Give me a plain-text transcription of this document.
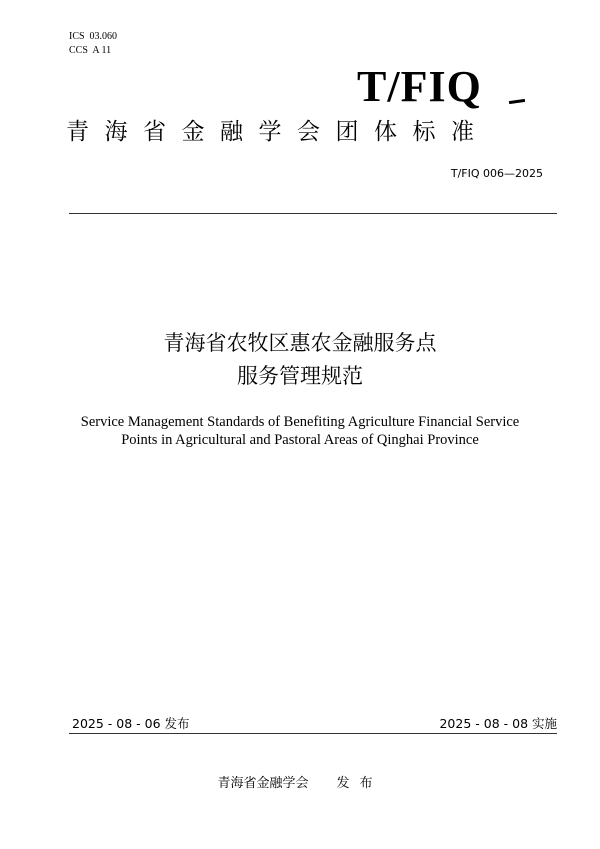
ICS  03.060
CCS  A 11
T/FIQ
青海省金融学会团体标准
T/FIQ 006—2025
青海省农牧区惠农金融服务点
服务管理规范
Service Management Standards of Benefiting Agriculture Financial Service
Points in Agricultural and Pastoral Areas of Qinghai Province
2025 - 08 - 06 发布	2025 - 08 - 08 实施
青海省金融学会 发布
